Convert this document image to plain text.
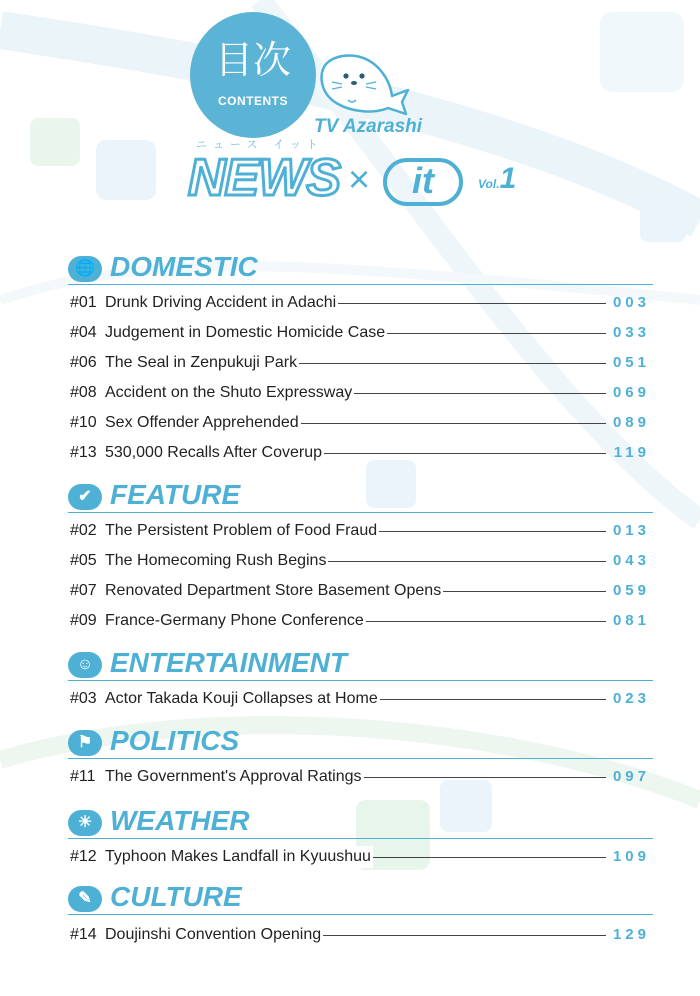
目次
CONTENTS
TV Azarashi
ニュース イット
NEWS ×	it	Vol.1
🌐 DOMESTIC
#01 Drunk Driving Accident in Adachi	003
#04 Judgement in Domestic Homicide Case	033
#06 The Seal in Zenpukuji Park	051
#08 Accident on the Shuto Expressway	069
#10 Sex Offender Apprehended	089
#13 530,000 Recalls After Coverup	119
✔ FEATURE
#02 The Persistent Problem of Food Fraud	013
#05 The Homecoming Rush Begins	043
#07 Renovated Department Store Basement Opens	059
#09 France-Germany Phone Conference	081
☺ ENTERTAINMENT
#03 Actor Takada Kouji Collapses at Home	023
⚑ POLITICS
#11 The Government's Approval Ratings	097
☀ WEATHER
#12 Typhoon Makes Landfall in Kyuushuu	109
✎ CULTURE
#14 Doujinshi Convention Opening	129
